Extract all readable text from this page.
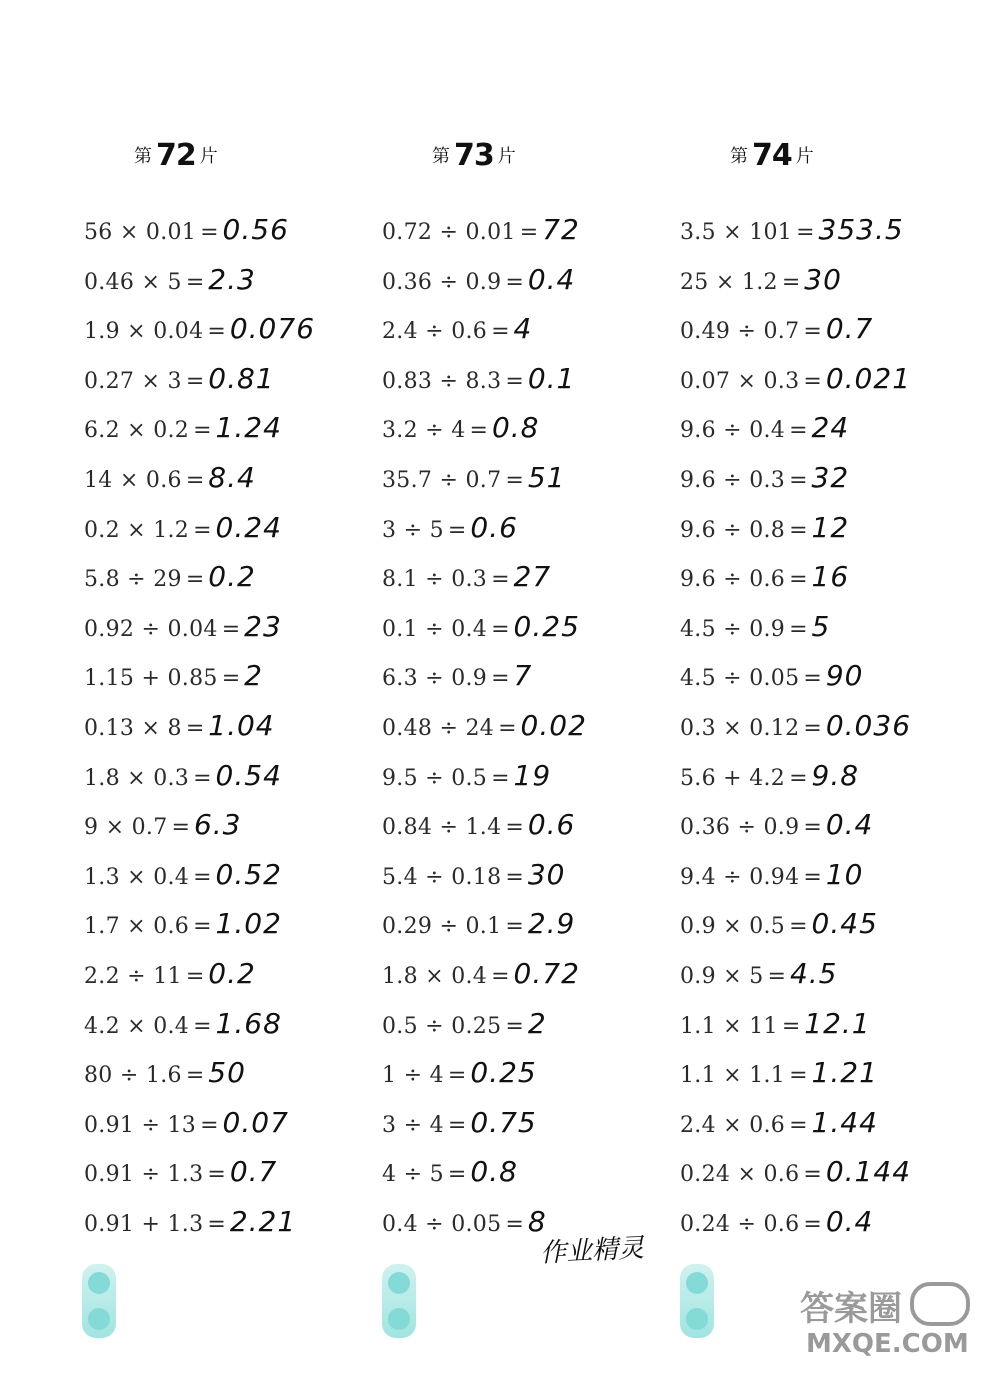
第 72 片
56 × 0.01 = 0.56
0.46 × 5 = 2.3
1.9 × 0.04 = 0.076
0.27 × 3 = 0.81
6.2 × 0.2 = 1.24
14 × 0.6 = 8.4
0.2 × 1.2 = 0.24
5.8 ÷ 29 = 0.2
0.92 ÷ 0.04 = 23
1.15 + 0.85 = 2
0.13 × 8 = 1.04
1.8 × 0.3 = 0.54
9 × 0.7 = 6.3
1.3 × 0.4 = 0.52
1.7 × 0.6 = 1.02
2.2 ÷ 11 = 0.2
4.2 × 0.4 = 1.68
80 ÷ 1.6 = 50
0.91 ÷ 13 = 0.07
0.91 ÷ 1.3 = 0.7
0.91 + 1.3 = 2.21
第 73 片
0.72 ÷ 0.01 = 72
0.36 ÷ 0.9 = 0.4
2.4 ÷ 0.6 = 4
0.83 ÷ 8.3 = 0.1
3.2 ÷ 4 = 0.8
35.7 ÷ 0.7 = 51
3 ÷ 5 = 0.6
8.1 ÷ 0.3 = 27
0.1 ÷ 0.4 = 0.25
6.3 ÷ 0.9 = 7
0.48 ÷ 24 = 0.02
9.5 ÷ 0.5 = 19
0.84 ÷ 1.4 = 0.6
5.4 ÷ 0.18 = 30
0.29 ÷ 0.1 = 2.9
1.8 × 0.4 = 0.72
0.5 ÷ 0.25 = 2
1 ÷ 4 = 0.25
3 ÷ 4 = 0.75
4 ÷ 5 = 0.8
0.4 ÷ 0.05 = 8
第 74 片
3.5 × 101 = 353.5
25 × 1.2 = 30
0.49 ÷ 0.7 = 0.7
0.07 × 0.3 = 0.021
9.6 ÷ 0.4 = 24
9.6 ÷ 0.3 = 32
9.6 ÷ 0.8 = 12
9.6 ÷ 0.6 = 16
4.5 ÷ 0.9 = 5
4.5 ÷ 0.05 = 90
0.3 × 0.12 = 0.036
5.6 + 4.2 = 9.8
0.36 ÷ 0.9 = 0.4
9.4 ÷ 0.94 = 10
0.9 × 0.5 = 0.45
0.9 × 5 = 4.5
1.1 × 11 = 12.1
1.1 × 1.1 = 1.21
2.4 × 0.6 = 1.44
0.24 × 0.6 = 0.144
0.24 ÷ 0.6 = 0.4
作业精灵
答案圈
MXQE.COM
